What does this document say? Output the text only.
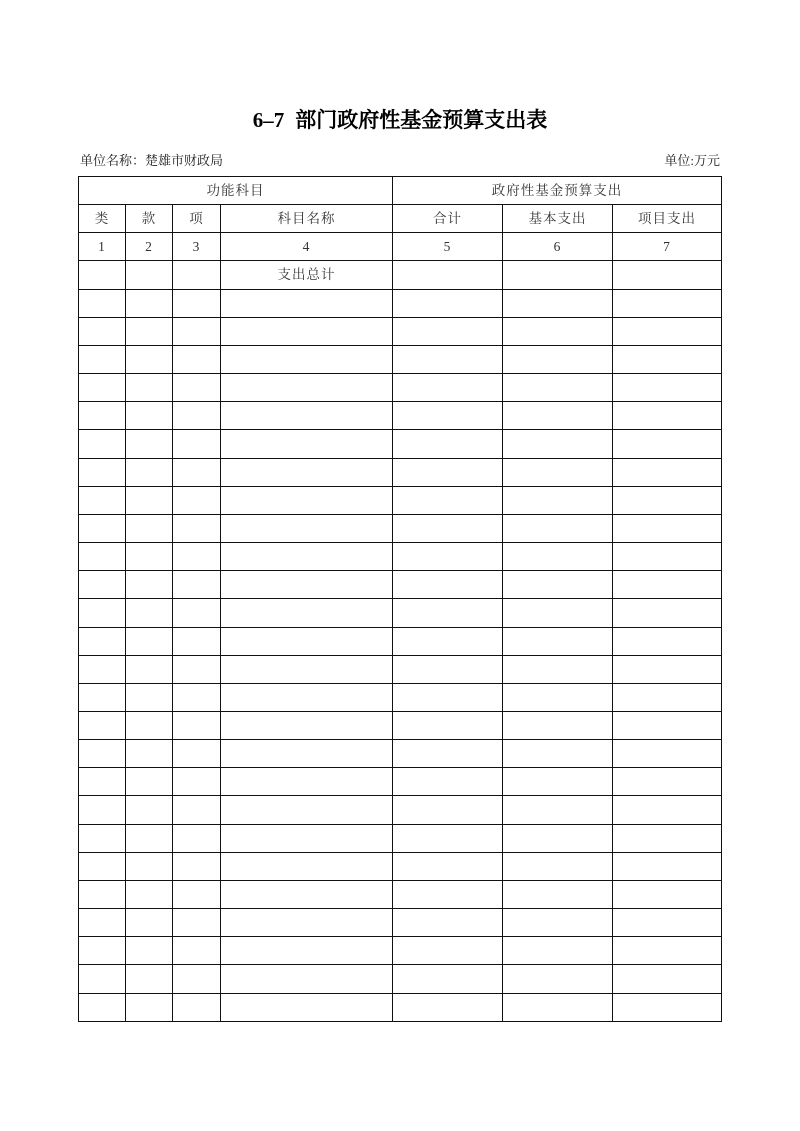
6–7 部门政府性基金预算支出表
单位名称：楚雄市财政局	单位:万元
功能科目				政府性基金预算支出		
类	款	项	科目名称	合计	基本支出	项目支出
1	2	3	4	5	6	7
			支出总计			
